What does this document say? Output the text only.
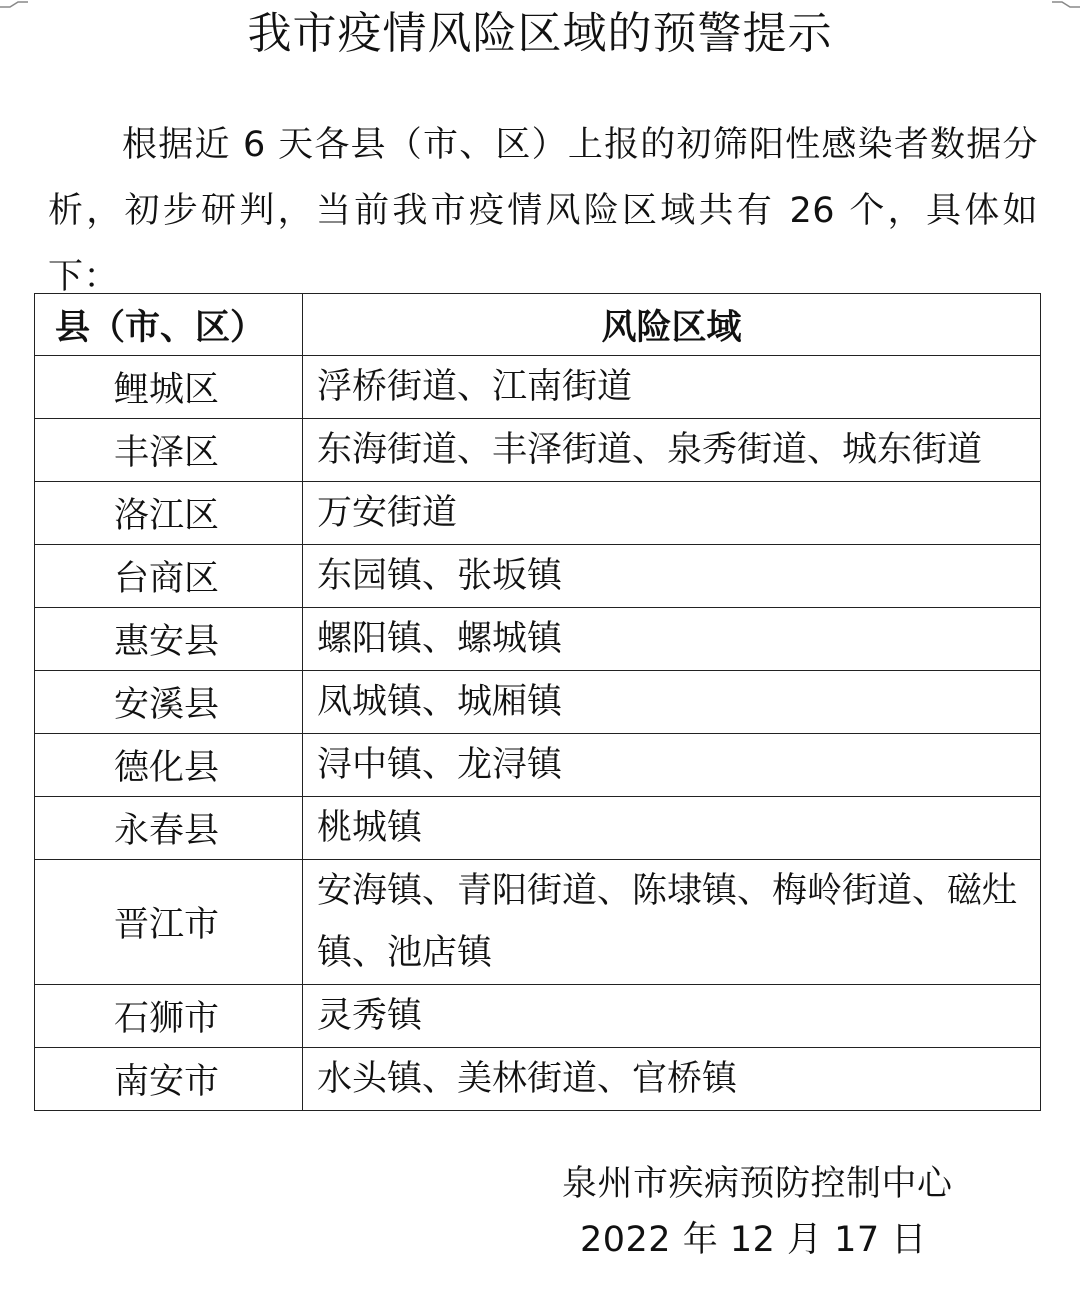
我市疫情风险区域的预警提示

根据近 6 天各县（市、区）上报的初筛阳性感染者数据分析，初步研判，当前我市疫情风险区域共有 26 个，具体如下：

县（市、区）	风险区域
鲤城区	浮桥街道、江南街道
丰泽区	东海街道、丰泽街道、泉秀街道、城东街道
洛江区	万安街道
台商区	东园镇、张坂镇
惠安县	螺阳镇、螺城镇
安溪县	凤城镇、城厢镇
德化县	浔中镇、龙浔镇
永春县	桃城镇
晋江市	安海镇、青阳街道、陈埭镇、梅岭街道、磁灶镇、池店镇
石狮市	灵秀镇
南安市	水头镇、美林街道、官桥镇
泉州市疾病预防控制中心
2022 年 12 月 17 日
